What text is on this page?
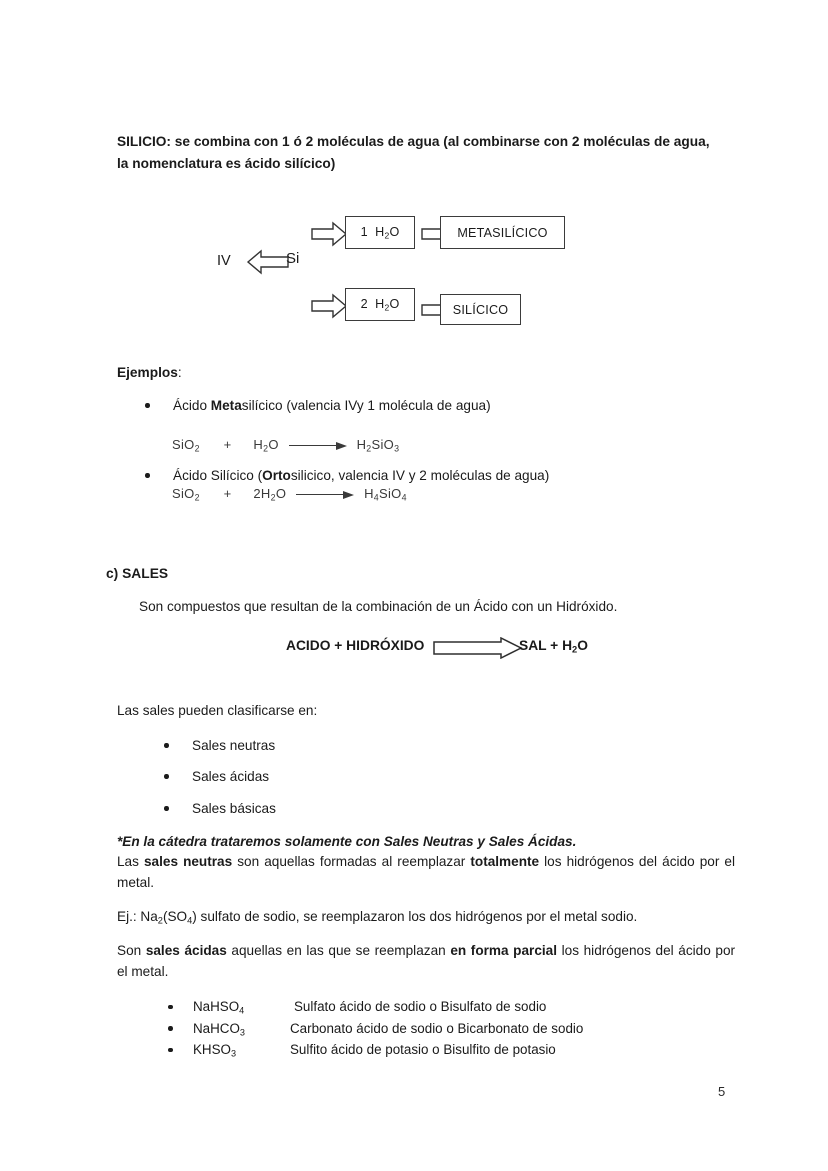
SILICIO: se combina con 1 ó 2 moléculas de agua (al combinarse con 2 moléculas de agua, la nomenclatura es ácido silícico)
IV	Si
1  $H_2O$	METASILÍCICO
2  $H_2O$	SILÍCICO
Ejemplos:
Ácido Metasilícico (valencia IVy 1 molécula de agua)
$SiO_2 + H_2O$	$H_2SiO_3$
Ácido Silícico (Ortosilicico, valencia IV y 2 moléculas de agua)
$SiO_2 + 2H_2O$	$H_4SiO_4$
c) SALES
Son compuestos que resultan de la combinación de un Ácido con un Hidróxido.
ACIDO + HIDRÓXIDO	SAL + $H_2O$
Las sales pueden clasificarse en:
Sales neutras
Sales ácidas
Sales básicas
*En la cátedra trataremos solamente con Sales Neutras y Sales Ácidas.
Las sales neutras son aquellas formadas al reemplazar totalmente los hidrógenos del ácido por el metal.
Ej.: $Na_2(SO_4)$ sulfato de sodio, se reemplazaron los dos hidrógenos por el metal sodio.
Son sales ácidas aquellas en las que se reemplazan en forma parcial los hidrógenos del ácido por el metal.
NaHSO$_4$	Sulfato ácido de sodio o Bisulfato de sodio
NaHCO$_3$	Carbonato ácido de sodio o Bicarbonato de sodio
$KHSO_3$	Sulfito ácido de potasio o Bisulfito de potasio
5
